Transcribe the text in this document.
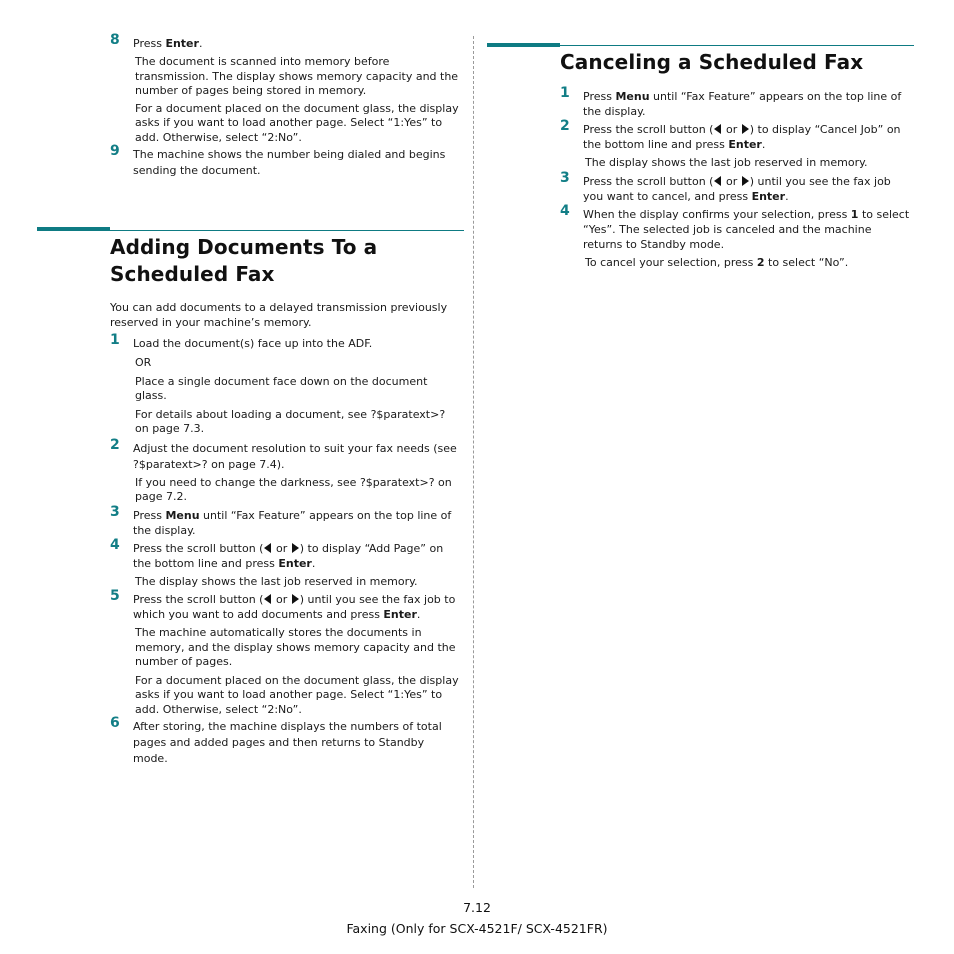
8 Press Enter.
The document is scanned into memory before transmission. The display shows memory capacity and the number of pages being stored in memory.
For a document placed on the document glass, the display asks if you want to load another page. Select “1:Yes” to add. Otherwise, select “2:No”.
9 The machine shows the number being dialed and begins sending the document.
Adding Documents To a Scheduled Fax
You can add documents to a delayed transmission previously reserved in your machine’s memory.
1 Load the document(s) face up into the ADF.
OR
Place a single document face down on the document glass.
For details about loading a document, see ?$paratext>? on page 7.3.
2 Adjust the document resolution to suit your fax needs (see ?$paratext>? on page 7.4).
If you need to change the darkness, see ?$paratext>? on page 7.2.
3 Press Menu until “Fax Feature” appears on the top line of the display.
4 Press the scroll button ( or ) to display “Add Page” on the bottom line and press Enter.
The display shows the last job reserved in memory.
5 Press the scroll button ( or ) until you see the fax job to which you want to add documents and press Enter.
The machine automatically stores the documents in memory, and the display shows memory capacity and the number of pages.
For a document placed on the document glass, the display asks if you want to load another page. Select “1:Yes” to add. Otherwise, select “2:No”.
6 After storing, the machine displays the numbers of total pages and added pages and then returns to Standby mode.
Canceling a Scheduled Fax
1 Press Menu until “Fax Feature” appears on the top line of the display.
2 Press the scroll button ( or ) to display “Cancel Job” on the bottom line and press Enter.
The display shows the last job reserved in memory.
3 Press the scroll button ( or ) until you see the fax job you want to cancel, and press Enter.
4 When the display confirms your selection, press 1 to select “Yes”. The selected job is canceled and the machine returns to Standby mode.
To cancel your selection, press 2 to select “No”.
7.12
Faxing (Only for SCX-4521F/ SCX-4521FR)
